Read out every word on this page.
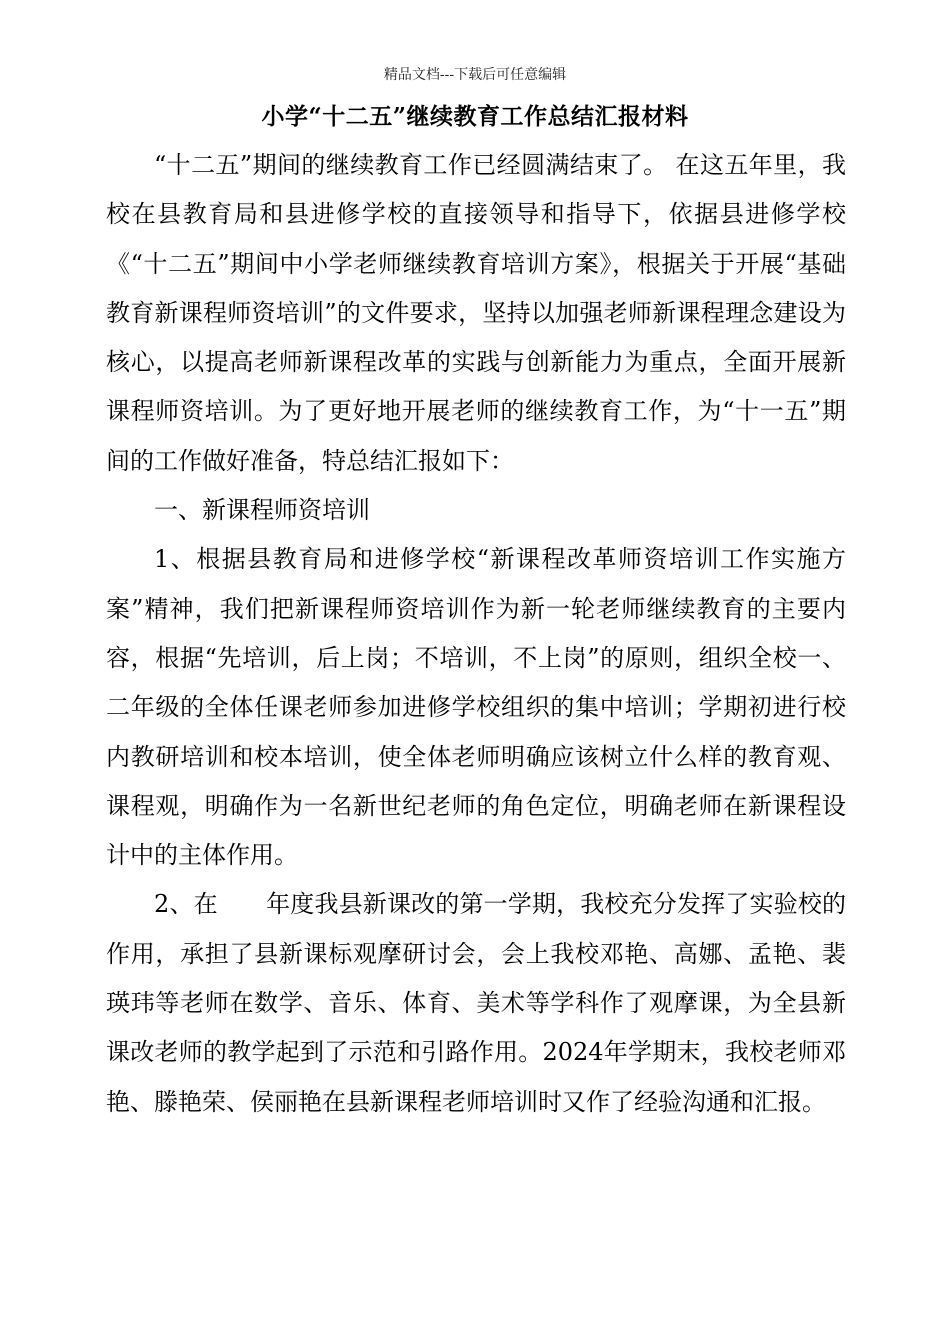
精品文档---下载后可任意编辑
小学“十二五”继续教育工作总结汇报材料

“十二五”期间的继续教育工作已经圆满结束了。 在这五年里，我校在县教育局和县进修学校的直接领导和指导下，依据县进修学校《“十二五”期间中小学老师继续教育培训方案》，根据关于开展“基础教育新课程师资培训”的文件要求，坚持以加强老师新课程理念建设为核心，以提高老师新课程改革的实践与创新能力为重点，全面开展新课程师资培训。为了更好地开展老师的继续教育工作，为“十一五”期间的工作做好准备，特总结汇报如下：

一、新课程师资培训

1、根据县教育局和进修学校“新课程改革师资培训工作实施方案”精神，我们把新课程师资培训作为新一轮老师继续教育的主要内容，根据“先培训，后上岗；不培训，不上岗”的原则，组织全校一、二年级的全体任课老师参加进修学校组织的集中培训；学期初进行校内教研培训和校本培训，使全体老师明确应该树立什么样的教育观、课程观，明确作为一名新世纪老师的角色定位，明确老师在新课程设计中的主体作用。

2、在　　年度我县新课改的第一学期，我校充分发挥了实验校的作用，承担了县新课标观摩研讨会，会上我校邓艳、高娜、孟艳、裴瑛玮等老师在数学、音乐、体育、美术等学科作了观摩课，为全县新课改老师的教学起到了示范和引路作用。2024年学期末，我校老师邓艳、滕艳荣、侯丽艳在县新课程老师培训时又作了经验沟通和汇报。
